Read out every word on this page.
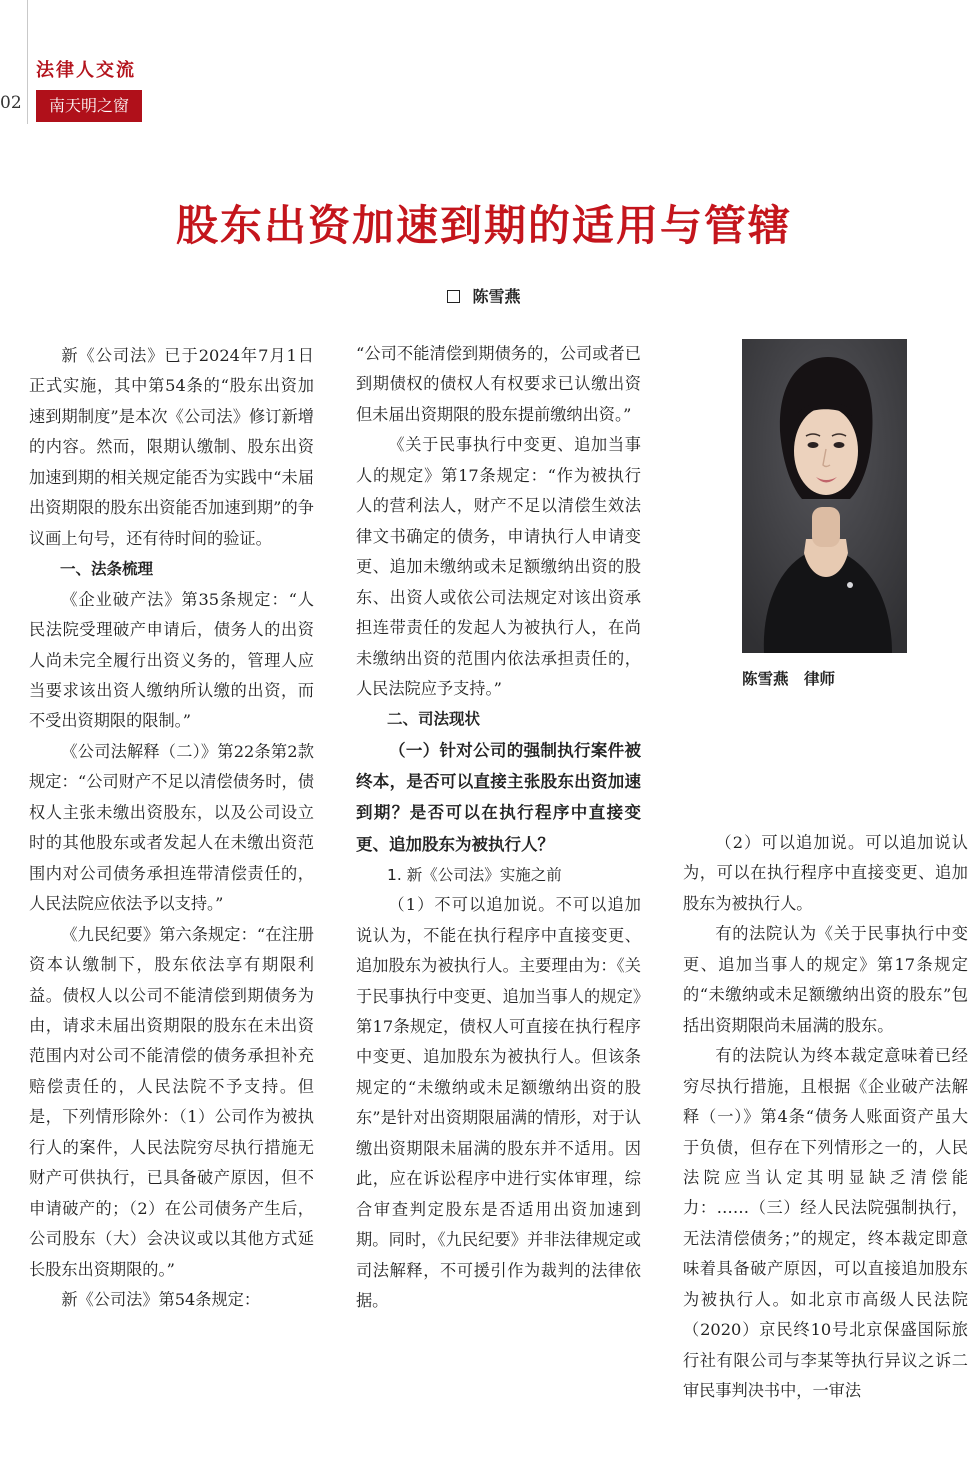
法律人交流
02	南天明之窗
股东出资加速到期的适用与管辖
陈雪燕

新《公司法》已于2024年7月1日正式实施，其中第54条的“股东出资加速到期制度”是本次《公司法》修订新增的内容。然而，限期认缴制、股东出资加速到期的相关规定能否为实践中“未届出资期限的股东出资能否加速到期”的争议画上句号，还有待时间的验证。

一、法条梳理

《企业破产法》第35条规定：“人民法院受理破产申请后，债务人的出资人尚未完全履行出资义务的，管理人应当要求该出资人缴纳所认缴的出资，而不受出资期限的限制。”

《公司法解释（二）》第22条第2款规定：“公司财产不足以清偿债务时，债权人主张未缴出资股东，以及公司设立时的其他股东或者发起人在未缴出资范围内对公司债务承担连带清偿责任的，人民法院应依法予以支持。”

《九民纪要》第六条规定：“在注册资本认缴制下，股东依法享有期限利益。债权人以公司不能清偿到期债务为由，请求未届出资期限的股东在未出资范围内对公司不能清偿的债务承担补充赔偿责任的，人民法院不予支持。但是，下列情形除外：（1）公司作为被执行人的案件，人民法院穷尽执行措施无财产可供执行，已具备破产原因，但不申请破产的；（2）在公司债务产生后，公司股东（大）会决议或以其他方式延长股东出资期限的。”

新《公司法》第54条规定：

“公司不能清偿到期债务的，公司或者已到期债权的债权人有权要求已认缴出资但未届出资期限的股东提前缴纳出资。”

《关于民事执行中变更、追加当事人的规定》第17条规定：“作为被执行人的营利法人，财产不足以清偿生效法律文书确定的债务，申请执行人申请变更、追加未缴纳或未足额缴纳出资的股东、出资人或依公司法规定对该出资承担连带责任的发起人为被执行人，在尚未缴纳出资的范围内依法承担责任的，人民法院应予支持。”

二、司法现状

（一）针对公司的强制执行案件被终本，是否可以直接主张股东出资加速到期？是否可以在执行程序中直接变更、追加股东为被执行人？

1. 新《公司法》实施之前

（1）不可以追加说。不可以追加说认为，不能在执行程序中直接变更、追加股东为被执行人。主要理由为：《关于民事执行中变更、追加当事人的规定》第17条规定，债权人可直接在执行程序中变更、追加股东为被执行人。但该条规定的“未缴纳或未足额缴纳出资的股东”是针对出资期限届满的情形，对于认缴出资期限未届满的股东并不适用。因此，应在诉讼程序中进行实体审理，综合审查判定股东是否适用出资加速到期。同时，《九民纪要》并非法律规定或司法解释，不可援引作为裁判的法律依据。

陈雪燕　律师

（2）可以追加说。可以追加说认为，可以在执行程序中直接变更、追加股东为被执行人。

有的法院认为《关于民事执行中变更、追加当事人的规定》第17条规定的“未缴纳或未足额缴纳出资的股东”包括出资期限尚未届满的股东。

有的法院认为终本裁定意味着已经穷尽执行措施，且根据《企业破产法解释（一）》第4条“债务人账面资产虽大于负债，但存在下列情形之一的，人民法院应当认定其明显缺乏清偿能力：……（三）经人民法院强制执行，无法清偿债务；”的规定，终本裁定即意味着具备破产原因，可以直接追加股东为被执行人。如北京市高级人民法院（2020）京民终10号北京保盛国际旅行社有限公司与李某等执行异议之诉二审民事判决书中，一审法
